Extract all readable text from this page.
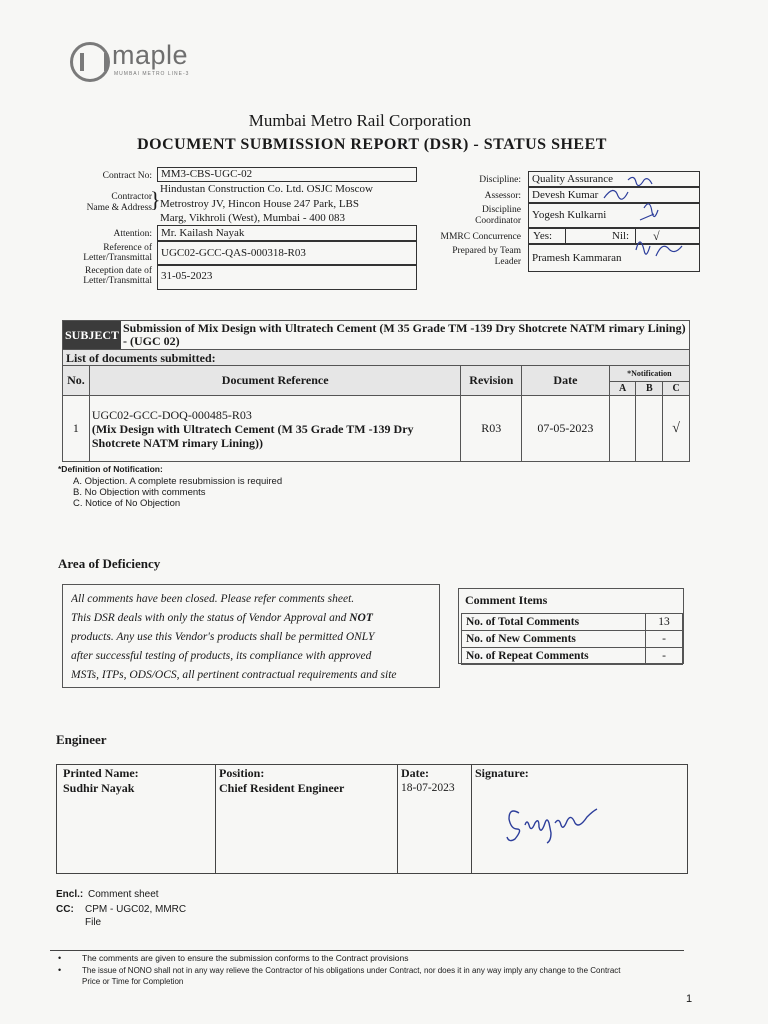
maple
MUMBAI METRO LINE-3
Mumbai Metro Rail Corporation
DOCUMENT SUBMISSION REPORT (DSR) - STATUS SHEET
Contract No: MM3-CBS-UGC-02
Contractor
Name & Address
} Hindustan Construction Co. Ltd. OSJC Moscow
Metrostroy JV, Hincon House 247 Park, LBS
Marg, Vikhroli (West), Mumbai - 400 083
Attention: Mr. Kailash Nayak
Reference of
Letter/Transmittal UGC02-GCC-QAS-000318-R03
Reception date of
Letter/Transmittal 31-05-2023
Discipline:	Quality Assurance
Assessor:	Devesh Kumar
Discipline
Coordinator	Yogesh Kulkarni
MMRC Concurrence Yes:	Nil: √
Prepared by Team
Leader	Pramesh Kammaran
SUBJECT Submission of Mix Design with Ultratech Cement (M 35 Grade TM -139 Dry Shotcrete NATM rimary Lining) - (UGC 02)
List of documents submitted:
No.	Document Reference	Revision	Date	*Notification		
				A	B	C
1	UGC02-GCC-DOQ-000485-R03
(Mix Design with Ultratech Cement (M 35 Grade TM -139 Dry
Shotcrete NATM rimary Lining))	R03	07-05-2023			√
*Definition of Notification:
A. Objection. A complete resubmission is required
B. No Objection with comments
C. Notice of No Objection
Area of Deficiency
All comments have been closed. Please refer comments sheet.
This DSR deals with only the status of Vendor Approval and NOT
products. Any use this Vendor's products shall be permitted ONLY
after successful testing of products, its compliance with approved
MSTs, ITPs, ODS/OCS, all pertinent contractual requirements and site
Comment Items
No. of Total Comments	13
No. of New Comments	-
No. of Repeat Comments	-
Engineer
Printed Name:
Sudhir Nayak
Position:
Chief Resident Engineer
Date:
18-07-2023
Signature:
Encl.: Comment sheet
CC: CPM - UGC02, MMRC
File
• The comments are given to ensure the submission conforms to the Contract provisions
•	The issue of NONO shall not in any way relieve the Contractor of his obligations under Contract, nor does it in any way imply any change to the Contract
Price or Time for Completion
1
